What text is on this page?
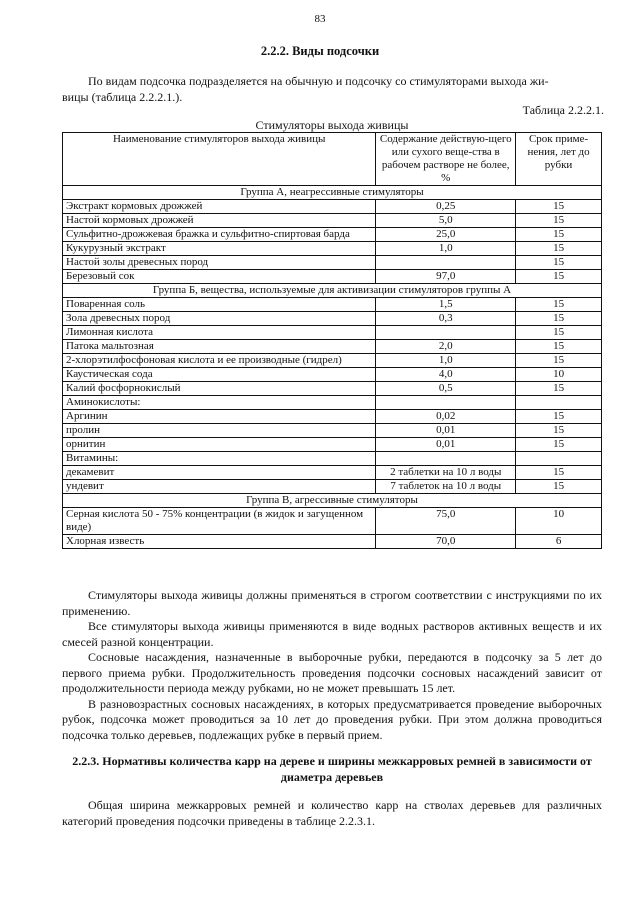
83
2.2.2. Виды подсочки
По видам подсочка подразделяется на обычную и подсочку со стимуляторами выхода жи-
вицы (таблица 2.2.2.1.).
Таблица 2.2.2.1.
Стимуляторы выхода живицы
Наименование стимуляторов выхода живицы	Содержание действую-щего или сухого веще-ства в рабочем растворе не более, %	Срок приме-нения, лет до рубки
Группа А, неагрессивные стимуляторы		
Экстракт кормовых дрожжей	0,25	15
Настой кормовых дрожжей	5,0	15
Сульфитно-дрожжевая бражка и сульфитно-спиртовая барда	25,0	15
Кукурузный экстракт	1,0	15
Настой золы древесных пород		15
Березовый сок	97,0	15
Группа Б, вещества, используемые для активизации стимуляторов группы А		
Поваренная соль	1,5	15
Зола древесных пород	0,3	15
Лимонная кислота		15
Патока мальтозная	2,0	15
2-хлорэтилфосфоновая кислота и ее производные (гидрел)	1,0	15
Каустическая сода	4,0	10
Калий фосфорнокислый	0,5	15
Аминокислоты:		
Аргинин	0,02	15
пролин	0,01	15
орнитин	0,01	15
Витамины:		
декамевит	2 таблетки на 10 л воды	15
ундевит	7 таблеток на 10 л воды	15
Группа В, агрессивные стимуляторы		
Серная кислота 50 - 75% концентрации (в жидок и загущенном виде)	75,0	10
Хлорная известь	70,0	6
Стимуляторы выхода живицы должны применяться в строгом соответствии с инструкциями по их применению.
Все стимуляторы выхода живицы применяются в виде водных растворов активных веществ и их смесей разной концентрации.
Сосновые насаждения, назначенные в выборочные рубки, передаются в подсочку за 5 лет до первого приема рубки. Продолжительность проведения подсочки сосновых насаждений зависит от продолжительности периода между рубками, но не может превышать 15 лет.
В разновозрастных сосновых насаждениях, в которых предусматривается проведение выборочных рубок, подсочка может проводиться за 10 лет до проведения рубки. При этом должна проводиться подсочка только деревьев, подлежащих рубке в первый прием.
2.2.3. Нормативы количества карр на дереве и ширины межкарровых ремней в зависимости от диаметра деревьев
Общая ширина межкарровых ремней и количество карр на стволах деревьев для различных категорий проведения подсочки приведены в таблице 2.2.3.1.
